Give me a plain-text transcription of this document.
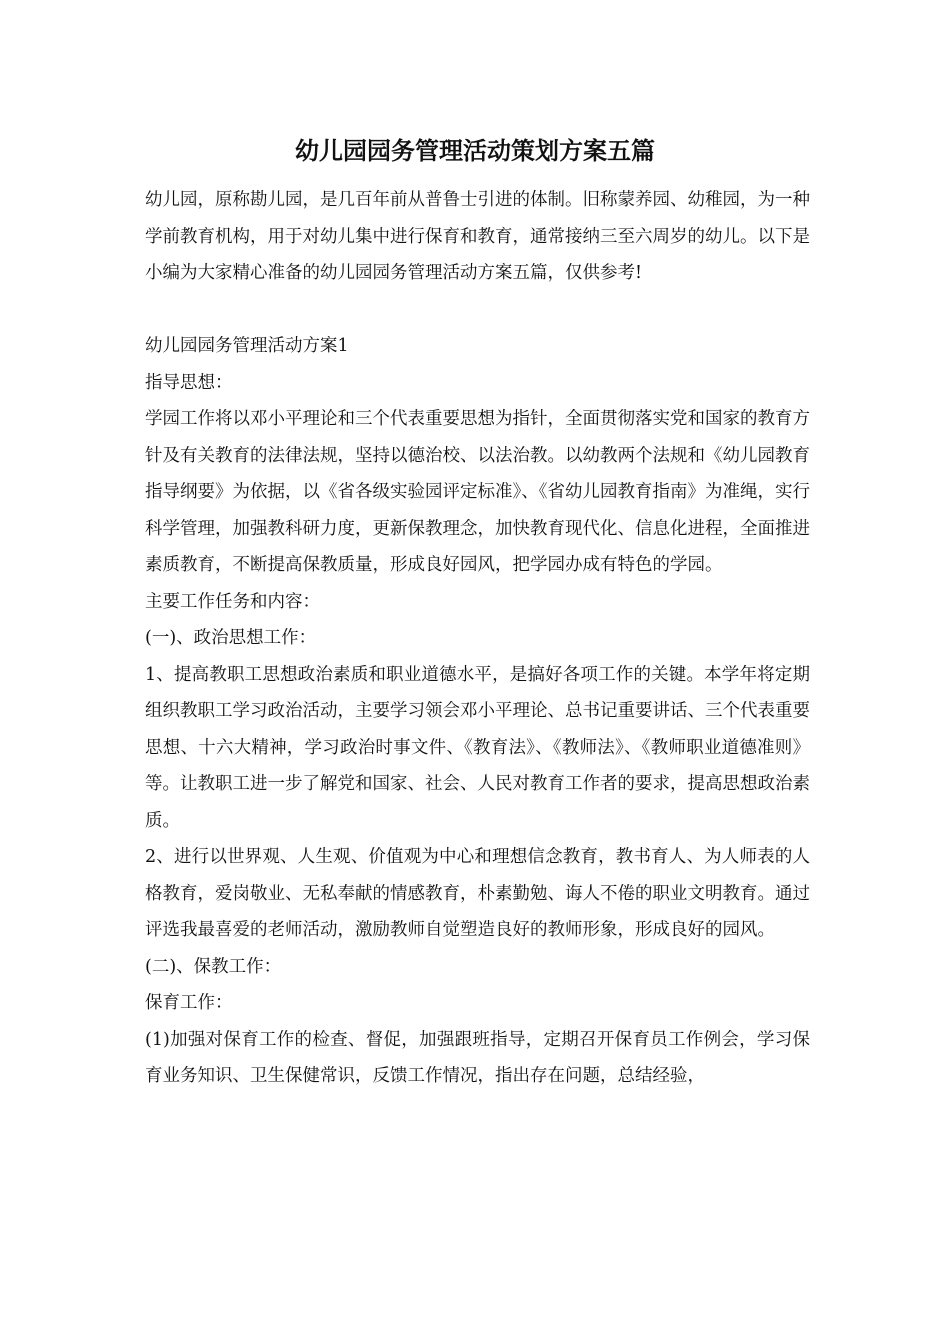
幼儿园园务管理活动策划方案五篇

幼儿园，原称勘儿园，是几百年前从普鲁士引进的体制。旧称蒙养园、幼稚园，为一种学前教育机构，用于对幼儿集中进行保育和教育，通常接纳三至六周岁的幼儿。以下是小编为大家精心准备的幼儿园园务管理活动方案五篇，仅供参考!

幼儿园园务管理活动方案1

指导思想：

学园工作将以邓小平理论和三个代表重要思想为指针，全面贯彻落实党和国家的教育方针及有关教育的法律法规，坚持以德治校、以法治教。以幼教两个法规和《幼儿园教育指导纲要》为依据，以《省各级实验园评定标准》、《省幼儿园教育指南》为准绳，实行科学管理，加强教科研力度，更新保教理念，加快教育现代化、信息化进程，全面推进素质教育，不断提高保教质量，形成良好园风，把学园办成有特色的学园。

主要工作任务和内容：

(一)、政治思想工作：

1、提高教职工思想政治素质和职业道德水平，是搞好各项工作的关键。本学年将定期组织教职工学习政治活动，主要学习领会邓小平理论、总书记重要讲话、三个代表重要思想、十六大精神，学习政治时事文件、《教育法》、《教师法》、《教师职业道德准则》等。让教职工进一步了解党和国家、社会、人民对教育工作者的要求，提高思想政治素质。

2、进行以世界观、人生观、价值观为中心和理想信念教育，教书育人、为人师表的人格教育，爱岗敬业、无私奉献的情感教育，朴素勤勉、诲人不倦的职业文明教育。通过评选我最喜爱的老师活动，激励教师自觉塑造良好的教师形象，形成良好的园风。

(二)、保教工作：

保育工作：

(1)加强对保育工作的检查、督促，加强跟班指导，定期召开保育员工作例会，学习保育业务知识、卫生保健常识，反馈工作情况，指出存在问题，总结经验，
